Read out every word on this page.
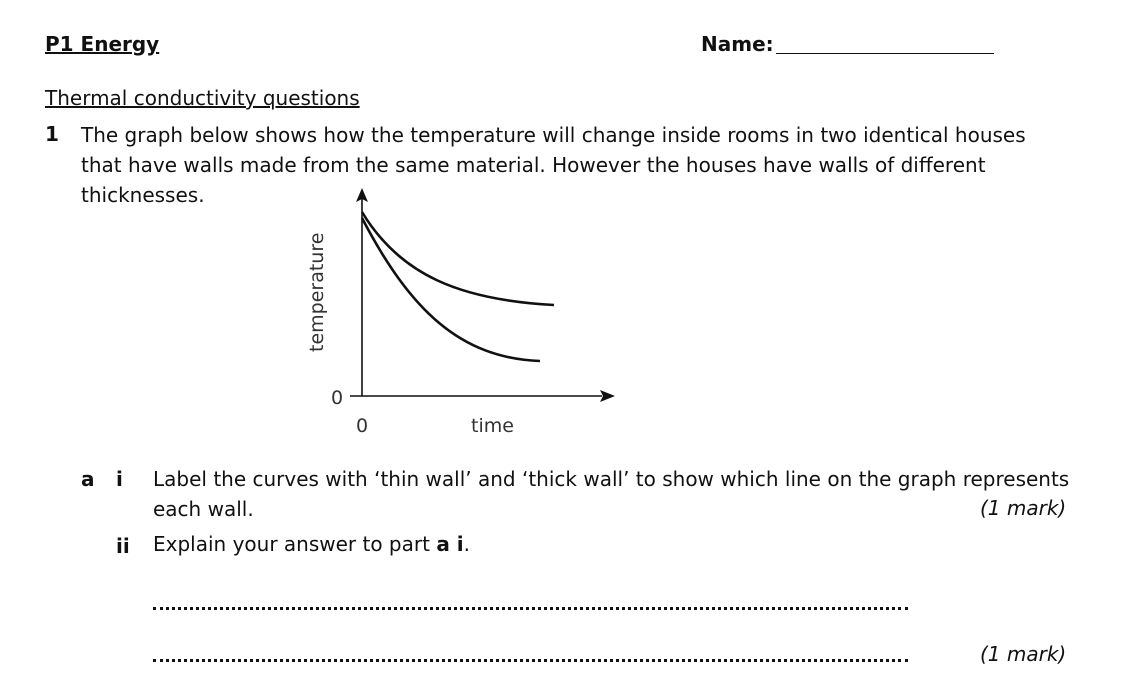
P1 Energy	Name:
Thermal conductivity questions
1 The graph below shows how the temperature will change inside rooms in two identical houses that have walls made from the same material. However the houses have walls of different thicknesses.
0
0	time
temperature
a i Label the curves with ‘thin wall’ and ‘thick wall’ to show which line on the graph represents each wall.	(1 mark)
ii Explain your answer to part a i.
(1 mark)
